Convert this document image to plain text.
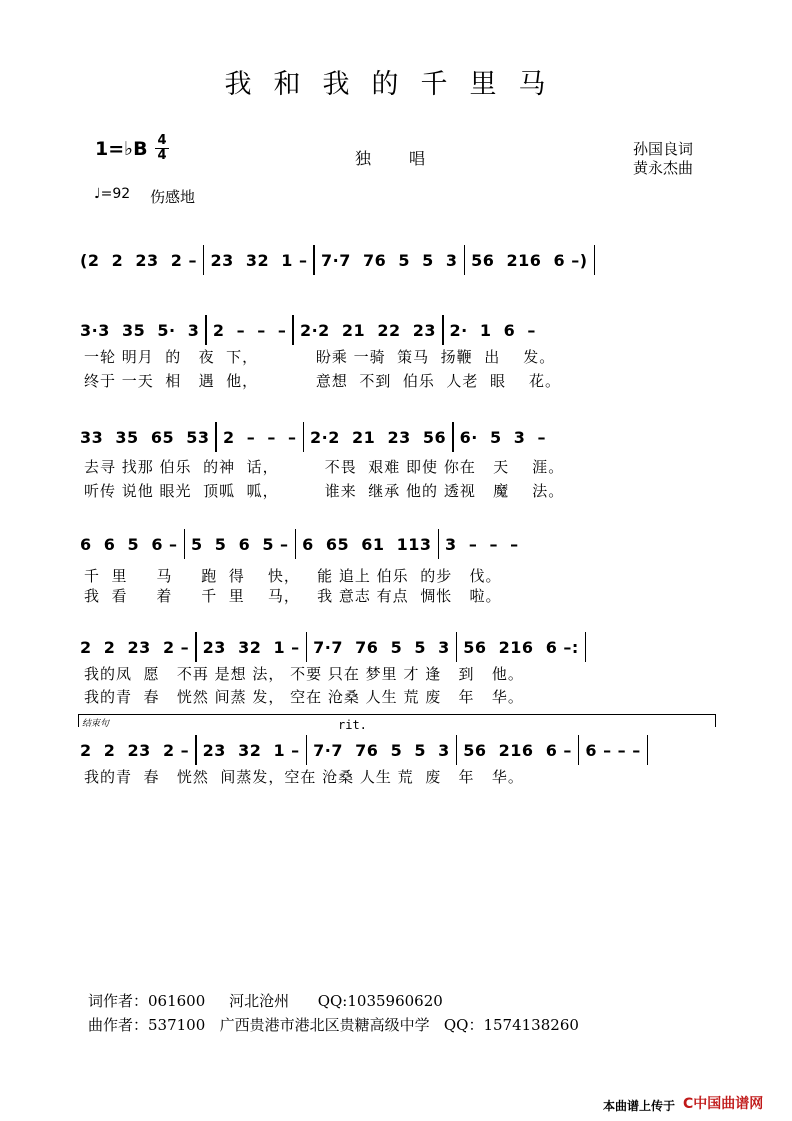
我和我的千里马
1=♭B 4
4	独唱	孙国良词
黄永杰曲
♩=92 伤感地
(2  2  23  2 – 23  32  1 – 7·7  76  5  5  3 56  216  6 –)
3·3  35  5·  3 2  –  –  – 2·2  21  22  23 2·  1  6  –
一轮 明月  的   夜  下，          盼乘 一骑  策马  扬鞭  出    发。
终于 一天  相   遇  他，          意想  不到  伯乐  人老  眼    花。
33  35  65  53 2  –  –  – 2·2  21  23  56 6·  5  3  –
去寻 找那 伯乐  的神  话，        不畏  艰难 即使 你在   天    涯。
听传 说他 眼光  顶呱  呱，        谁来  继承 他的 透视   魔    法。
6  6  5  6 – 5  5  6  5 – 6  65  61  113 3  –  –  –
千  里     马     跑  得    快，   能 追上 伯乐  的步   伐。
我  看     着     千  里    马，   我 意志 有点  惆怅   啦。
2  2  23  2 – 23  32  1 – 7·7  76  5  5  3 56  216  6 –:
我的凤  愿   不再 是想 法， 不要 只在 梦里 才 逢   到   他。
我的青  春   恍然 间蒸 发， 空在 沧桑 人生 荒 废   年   华。
结束句	rit.
2  2  23  2 – 23  32  1 – 7·7  76  5  5  3 56  216  6 – 6 – – –
我的青  春   恍然  间蒸发，空在 沧桑 人生 荒  废   年   华。
词作者：061600     河北沧州      QQ:1035960620
曲作者：537100   广西贵港市港北区贵糖高级中学   QQ：1574138260
本曲谱上传于 C中国曲谱网
